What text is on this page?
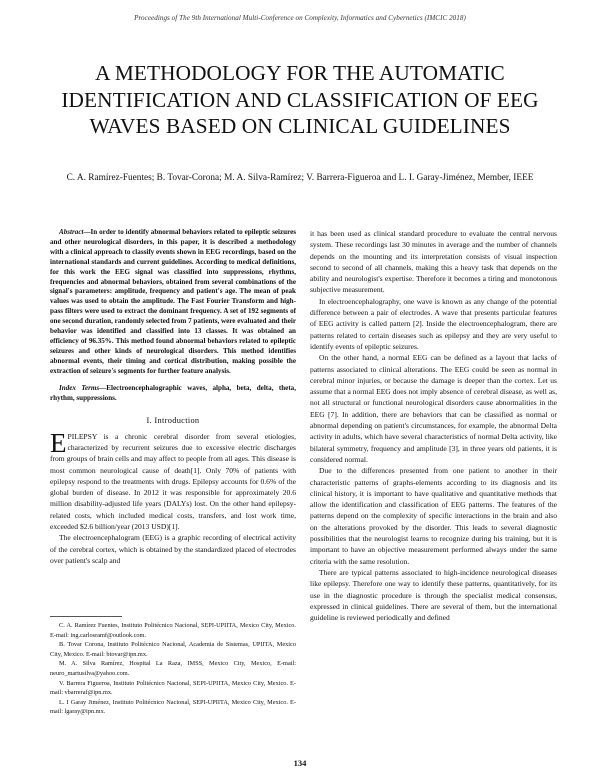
Proceedings of The 9th International Multi-Conference on Complexity, Informatics and Cybernetics (IMCIC 2018)
A METHODOLOGY FOR THE AUTOMATIC IDENTIFICATION AND CLASSIFICATION OF EEG WAVES BASED ON CLINICAL GUIDELINES
C. A. Ramírez-Fuentes; B. Tovar-Corona; M. A. Silva-Ramírez; V. Barrera-Figueroa and L. I. Garay-Jiménez, Member, IEEE

Abstract—In order to identify abnormal behaviors related to epileptic seizures and other neurological disorders, in this paper, it is described a methodology with a clinical approach to classify events shown in EEG recordings, based on the international standards and current guidelines. According to medical definitions, for this work the EEG signal was classified into suppressions, rhythms, frequencies and abnormal behaviors, obtained from several combinations of the signal's parameters: amplitude, frequency and patient's age. The mean of peak values was used to obtain the amplitude. The Fast Fourier Transform and high-pass filters were used to extract the dominant frequency. A set of 192 segments of one second duration, randomly selected from 7 patients, were evaluated and their behavior was identified and classified into 13 classes. It was obtained an efficiency of 96.35%. This method found abnormal behaviors related to epileptic seizures and other kinds of neurological disorders. This method identifies abnormal events, their timing and cortical distribution, making possible the extraction of seizure's segments for further feature analysis.

Index Terms—Electroencephalographic waves, alpha, beta, delta, theta, rhythm, suppressions.

I. Introduction

EPILEPSY is a chronic cerebral disorder from several etiologies, characterized by recurrent seizures due to excessive electric discharges from groups of brain cells and may affect to people from all ages. This disease is most common neurological cause of death[1]. Only 70% of patients with epilepsy respond to the treatments with drugs. Epilepsy accounts for 0.6% of the global burden of disease. In 2012 it was responsible for approximately 20.6 million disability-adjusted life years (DALYs) lost. On the other hand epilepsy-related costs, which included medical costs, transfers, and lost work time, exceeded $2.6 billion/year (2013 USD)[1].

The electroencephalogram (EEG) is a graphic recording of electrical activity of the cerebral cortex, which is obtained by the standardized placed of electrodes over patient's scalp and

C. A. Ramírez Fuentes, Instituto Politécnico Nacional, SEPI-UPIITA, Mexico City, Mexico. E-mail: ing.carlosramf@outlook.com.

B. Tovar Corona, Instituto Politécnico Nacional, Academia de Sistemas, UPIITA, Mexico City, Mexico. E-mail: btovar@ipn.mx.

M. A. Silva Ramírez, Hospital La Raza, IMSS, Mexico City, Mexico, E-mail: neuro_martusilva@yahoo.com.

V. Barrera Figueroa, Instituto Politécnico Nacional, SEPI-UPIITA, Mexico City, Mexico. E-mail: vbarreraf@ipn.mx.

L. I Garay Jiménez, Instituto Politécnico Nacional, SEPI-UPIITA, Mexico City, Mexico. E-mail: lgaray@ipn.mx.

it has been used as clinical standard procedure to evaluate the central nervous system. These recordings last 30 minutes in average and the number of channels depends on the mounting and its interpretation consists of visual inspection second to second of all channels, making this a heavy task that depends on the ability and neurologist's expertise. Therefore it becomes a tiring and monotonous subjective measurement.

In electroencephalography, one wave is known as any change of the potential difference between a pair of electrodes. A wave that presents particular features of EEG activity is called pattern [2]. Inside the electroencephalogram, there are patterns related to certain diseases such as epilepsy and they are very useful to identify events of epileptic seizures.

On the other hand, a normal EEG can be defined as a layout that lacks of patterns associated to clinical alterations. The EEG could be seen as normal in cerebral minor injuries, or because the damage is deeper than the cortex. Let us assume that a normal EEG does not imply absence of cerebral disease, as well as, not all structural or functional neurological disorders cause abnormalities in the EEG [7]. In addition, there are behaviors that can be classified as normal or abnormal depending on patient's circumstances, for example, the abnormal Delta activity in adults, which have several characteristics of normal Delta activity, like bilateral symmetry, frequency and amplitude [3], in three years old patients, it is considered normal.

Due to the differences presented from one patient to another in their characteristic patterns of graphs-elements according to its diagnosis and its clinical history, it is important to have qualitative and quantitative methods that allow the identification and classification of EEG patterns. The features of the patterns depend on the complexity of specific interactions in the brain and also on the alterations provoked by the disorder. This leads to several diagnostic possibilities that the neurologist learns to recognize during his training, but it is important to have an objective measurement performed always under the same criteria with the same resolution.

There are typical patterns associated to high-incidence neurological diseases like epilepsy. Therefore one way to identify these patterns, quantitatively, for its use in the diagnostic procedure is through the specialist medical consensus, expressed in clinical guidelines. There are several of them, but the international guideline is reviewed periodically and defined

134
